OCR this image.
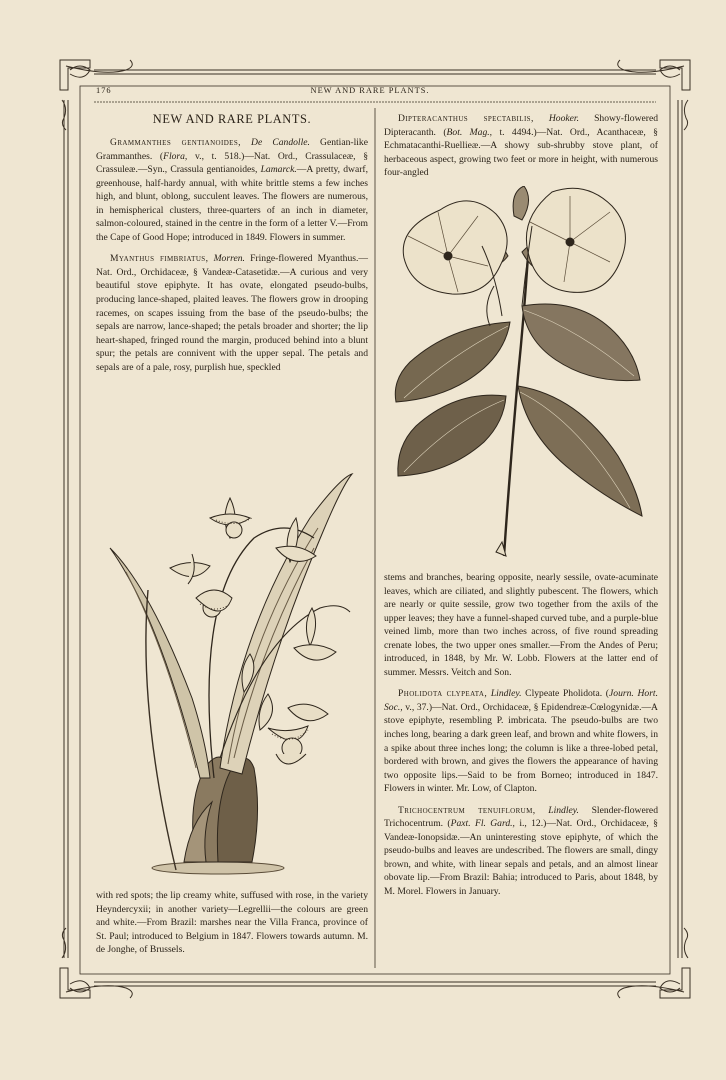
176	NEW AND RARE PLANTS.
NEW AND RARE PLANTS.

Grammanthes gentianoides, De Candolle. Gentian-like Grammanthes. (Flora, v., t. 518.)—Nat. Ord., Crassulaceæ, § Crassuleæ.—Syn., Crassula gentianoides, Lamarck.—A pretty, dwarf, greenhouse, half-hardy annual, with white brittle stems a few inches high, and blunt, oblong, succulent leaves. The flowers are numerous, in hemispherical clusters, three-quarters of an inch in diameter, salmon-coloured, stained in the centre in the form of a letter V.—From the Cape of Good Hope; introduced in 1849. Flowers in summer.

Myanthus fimbriatus, Morren. Fringe-flowered Myanthus.—Nat. Ord., Orchidaceæ, § Vandeæ-Catasetidæ.—A curious and very beautiful stove epiphyte. It has ovate, elongated pseudo-bulbs, producing lance-shaped, plaited leaves. The flowers grow in drooping racemes, on scapes issuing from the base of the pseudo-bulbs; the sepals are narrow, lance-shaped; the petals broader and shorter; the lip heart-shaped, fringed round the margin, produced behind into a blunt spur; the petals are connivent with the upper sepal. The petals and sepals are of a pale, rosy, purplish hue, speckled

with red spots; the lip creamy white, suffused with rose, in the variety Heyndercyxii; in another variety—Legrellii—the colours are green and white.—From Brazil: marshes near the Villa Franca, province of St. Paul; introduced to Belgium in 1847. Flowers towards autumn. M. de Jonghe, of Brussels.

Dipteracanthus spectabilis, Hooker. Showy-flowered Dipteracanth. (Bot. Mag., t. 4494.)—Nat. Ord., Acanthaceæ, § Echmatacanthi-Ruellieæ.—A showy sub-shrubby stove plant, of herbaceous aspect, growing two feet or more in height, with numerous four-angled

stems and branches, bearing opposite, nearly sessile, ovate-acuminate leaves, which are ciliated, and slightly pubescent. The flowers, which are nearly or quite sessile, grow two together from the axils of the upper leaves; they have a funnel-shaped curved tube, and a purple-blue veined limb, more than two inches across, of five round spreading crenate lobes, the two upper ones smaller.—From the Andes of Peru; introduced, in 1848, by Mr. W. Lobb. Flowers at the latter end of summer. Messrs. Veitch and Son.

Pholidota clypeata, Lindley. Clypeate Pholidota. (Journ. Hort. Soc., v., 37.)—Nat. Ord., Orchidaceæ, § Epidendreæ-Cœlogynidæ.—A stove epiphyte, resembling P. imbricata. The pseudo-bulbs are two inches long, bearing a dark green leaf, and brown and white flowers, in a spike about three inches long; the column is like a three-lobed petal, bordered with brown, and gives the flowers the appearance of having two opposite lips.—Said to be from Borneo; introduced in 1847. Flowers in winter. Mr. Low, of Clapton.

Trichocentrum tenuiflorum, Lindley. Slender-flowered Trichocentrum. (Paxt. Fl. Gard., i., 12.)—Nat. Ord., Orchidaceæ, § Vandeæ-Ionopsidæ.—An uninteresting stove epiphyte, of which the pseudo-bulbs and leaves are undescribed. The flowers are small, dingy brown, and white, with linear sepals and petals, and an almost linear obovate lip.—From Brazil: Bahia; introduced to Paris, about 1848, by M. Morel. Flowers in January.
